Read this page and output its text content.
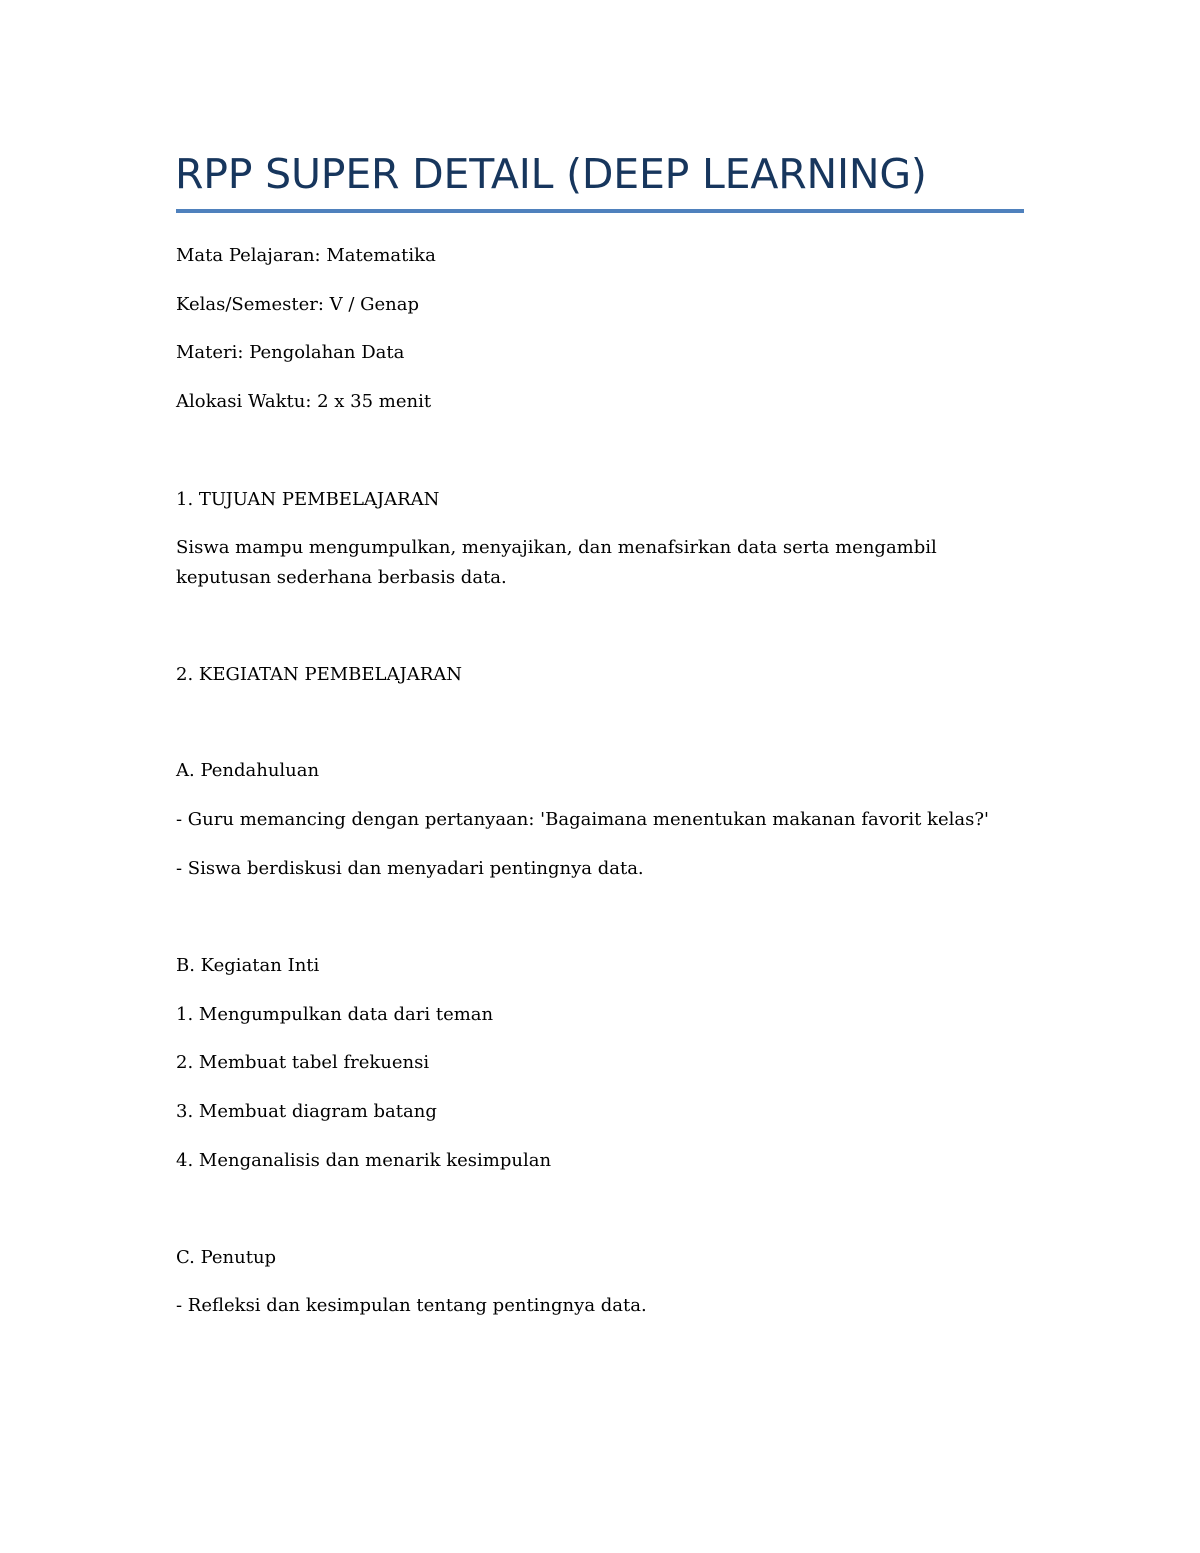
RPP SUPER DETAIL (DEEP LEARNING)

Mata Pelajaran: Matematika

Kelas/Semester: V / Genap

Materi: Pengolahan Data

Alokasi Waktu: 2 x 35 menit

1. TUJUAN PEMBELAJARAN

Siswa mampu mengumpulkan, menyajikan, dan menafsirkan data serta mengambil keputusan sederhana berbasis data.

2. KEGIATAN PEMBELAJARAN

A. Pendahuluan

- Guru memancing dengan pertanyaan: 'Bagaimana menentukan makanan favorit kelas?'

- Siswa berdiskusi dan menyadari pentingnya data.

B. Kegiatan Inti

1. Mengumpulkan data dari teman

2. Membuat tabel frekuensi

3. Membuat diagram batang

4. Menganalisis dan menarik kesimpulan

C. Penutup

- Refleksi dan kesimpulan tentang pentingnya data.
